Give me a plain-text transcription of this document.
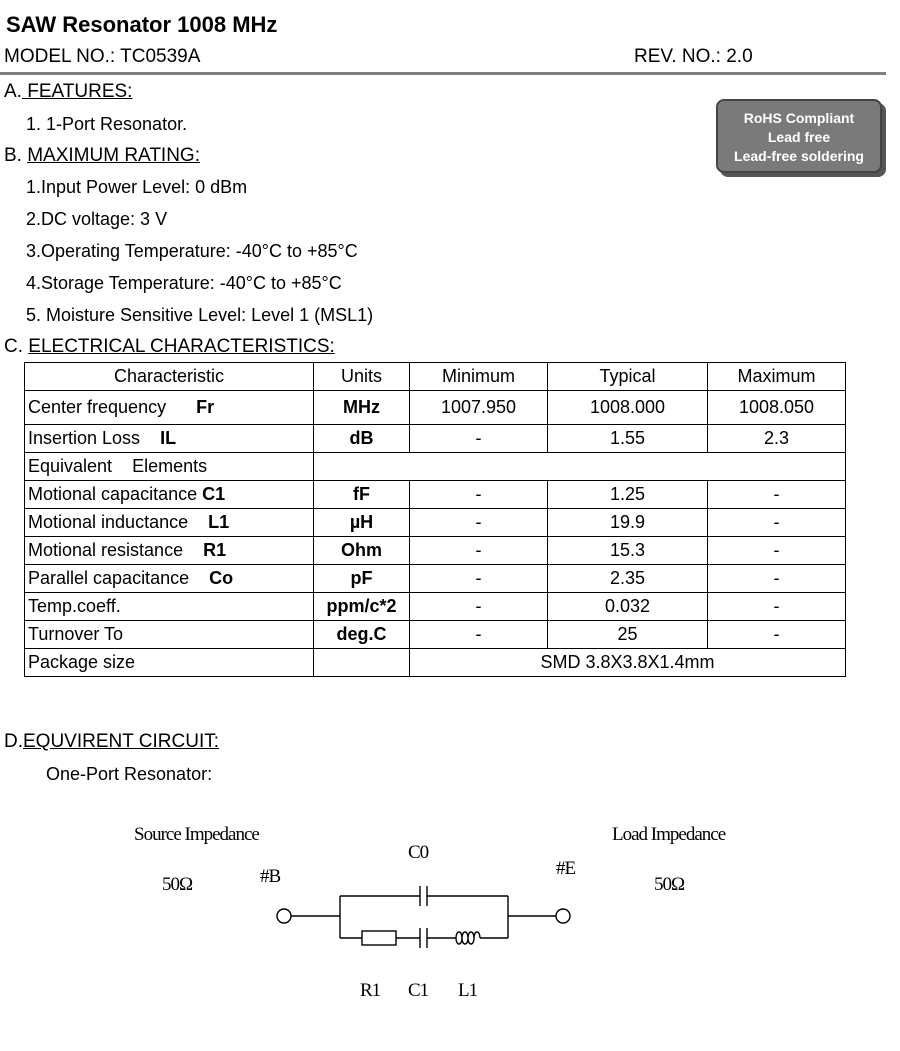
SAW Resonator 1008 MHz
MODEL NO.: TC0539A	REV. NO.: 2.0
RoHS Compliant
Lead free
Lead-free soldering
A. FEATURES:
1. 1-Port Resonator.
B. MAXIMUM RATING:
1.Input Power Level: 0 dBm
2.DC voltage: 3 V
3.Operating Temperature: -40°C to +85°C
4.Storage Temperature: -40°C to +85°C
5. Moisture Sensitive Level: Level 1 (MSL1)
C. ELECTRICAL CHARACTERISTICS:
Characteristic	Units	Minimum	Typical	Maximum
Center frequency Fr	MHz	1007.950	1008.000	1008.050
Insertion Loss IL	dB	-	1.55	2.3
Equivalent    Elements				
Motional capacitance C1	fF	-	1.25	-
Motional inductance L1	µH	-	19.9	-
Motional resistance R1	Ohm	-	15.3	-
Parallel capacitance Co	pF	-	2.35	-
Temp.coeff.	ppm/c*2	-	0.032	-
Turnover To	deg.C	-	25	-
Package size		SMD 3.8X3.8X1.4mm		
D.EQUVIRENT CIRCUIT:
One-Port Resonator:
Source Impedance
50Ω
Load Impedance
50Ω
#B	#E
C0
R1 C1 L1
